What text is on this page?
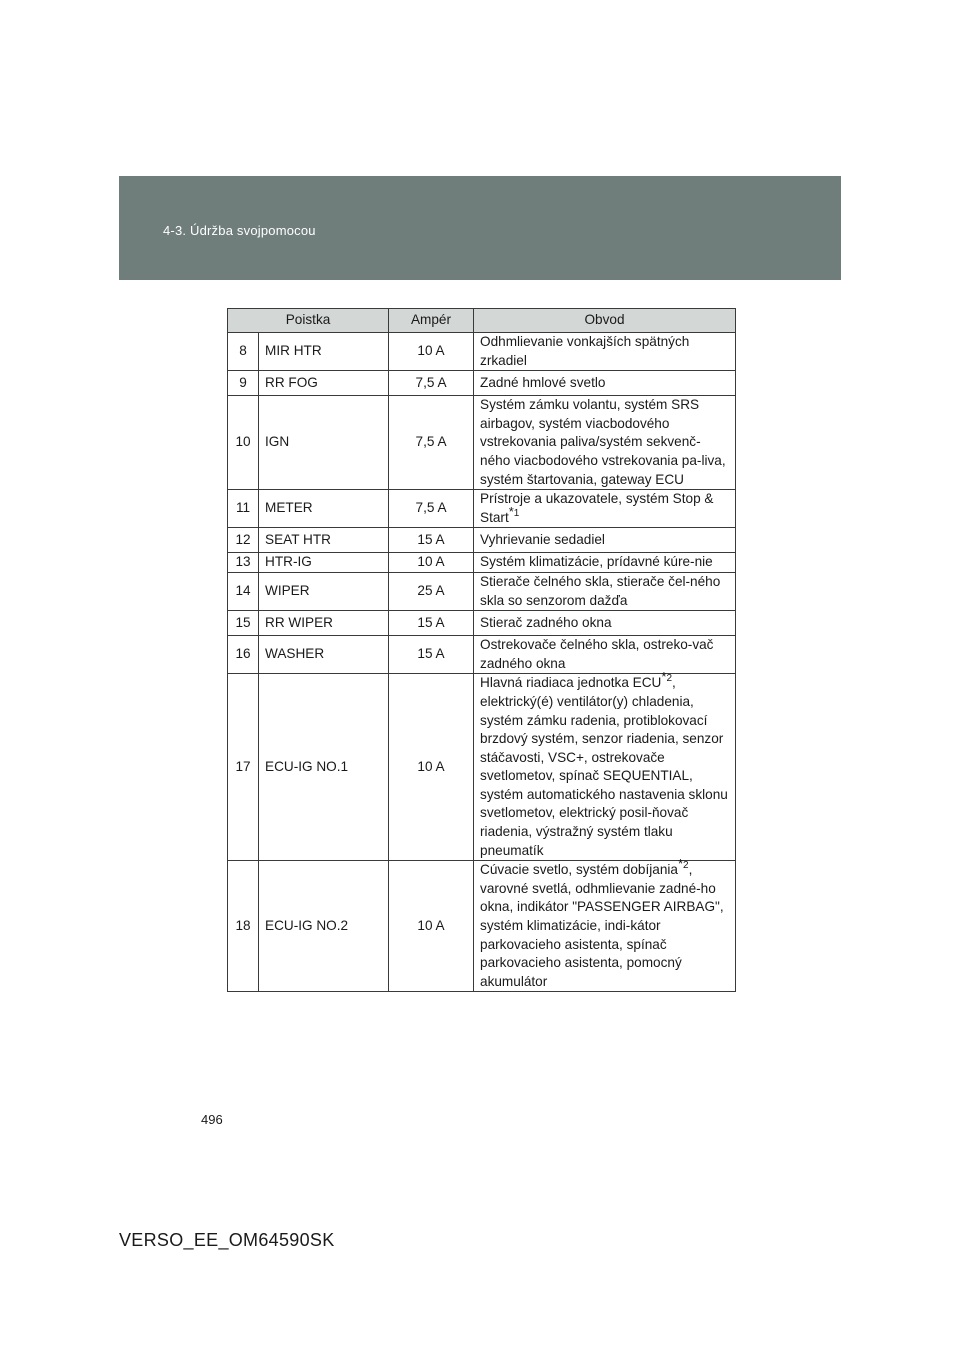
4-3. Údržba svojpomocou
Poistka		Ampér	Obvod
8	MIR HTR	10 A	Odhmlievanie vonkajších spätných zrkadiel
9	RR FOG	7,5 A	Zadné hmlové svetlo
10	IGN	7,5 A	Systém zámku volantu, systém SRS airbagov, systém viacbodového vstrekovania paliva/systém sekvenč-ného viacbodového vstrekovania pa-liva, systém štartovania, gateway ECU
11	METER	7,5 A	Prístroje a ukazovatele, systém Stop & Start$^{*1}$
12	SEAT HTR	15 A	Vyhrievanie sedadiel
13	HTR-IG	10 A	Systém klimatizácie, prídavné kúre-nie
14	WIPER	25 A	Stierače čelného skla, stierače čel-ného skla so senzorom dažďa
15	RR WIPER	15 A	Stierač zadného okna
16	WASHER	15 A	Ostrekovače čelného skla, ostreko-vač zadného okna
17	ECU-IG NO.1	10 A	Hlavná riadiaca jednotka ECU$^{*2}$, elektrický(é) ventilátor(y) chladenia, systém zámku radenia, protiblokovací brzdový systém, senzor riadenia, senzor stáčavosti, VSC+, ostrekovače svetlometov, spínač SEQUENTIAL, systém automatického nastavenia sklonu svetlometov, elektrický posil-ňovač riadenia, výstražný systém tlaku pneumatík
18	ECU-IG NO.2	10 A	Cúvacie svetlo, systém dobíjania$^{*2}$, varovné svetlá, odhmlievanie zadné-ho okna, indikátor "PASSENGER AIRBAG", systém klimatizácie, indi-kátor parkovacieho asistenta, spínač parkovacieho asistenta, pomocný akumulátor
496
VERSO_EE_OM64590SK
